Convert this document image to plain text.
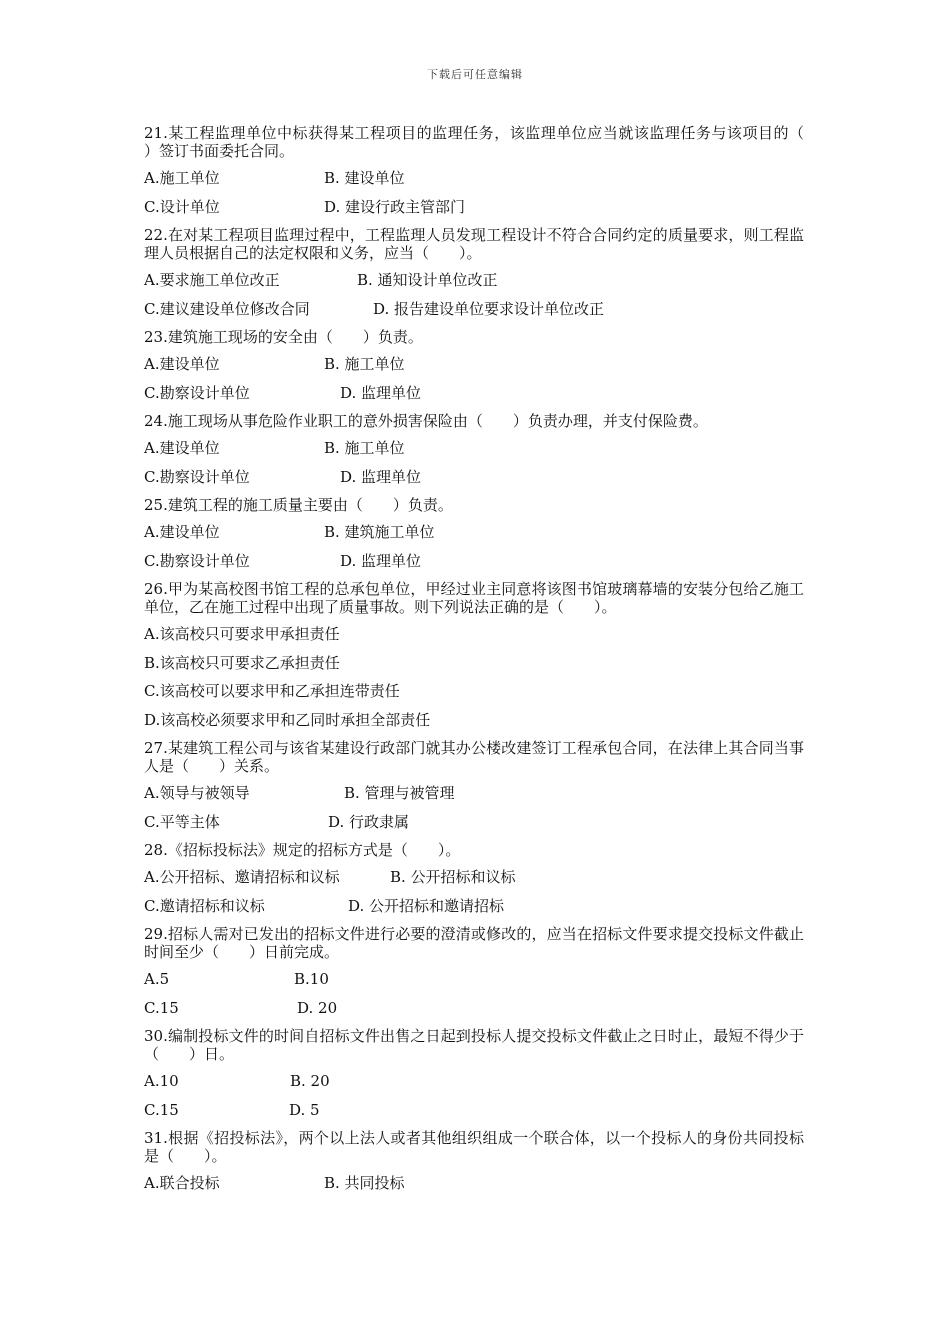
下载后可任意编辑

21.某工程监理单位中标获得某工程项目的监理任务，该监理单位应当就该监理任务与该项目的（　　）签订书面委托合同。

A.施工单位	B. 建设单位
C.设计单位	D. 建设行政主管部门

22.在对某工程项目监理过程中，工程监理人员发现工程设计不符合合同约定的质量要求，则工程监理人员根据自己的法定权限和义务，应当（　　）。

A.要求施工单位改正	B. 通知设计单位改正
C.建议建设单位修改合同	D. 报告建设单位要求设计单位改正

23.建筑施工现场的安全由（　　）负责。

A.建设单位	B. 施工单位
C.勘察设计单位	D. 监理单位

24.施工现场从事危险作业职工的意外损害保险由（　　）负责办理，并支付保险费。

A.建设单位	B. 施工单位
C.勘察设计单位	D. 监理单位

25.建筑工程的施工质量主要由（　　）负责。

A.建设单位	B. 建筑施工单位
C.勘察设计单位	D. 监理单位

26.甲为某高校图书馆工程的总承包单位，甲经过业主同意将该图书馆玻璃幕墙的安装分包给乙施工单位，乙在施工过程中出现了质量事故。则下列说法正确的是（　　）。

A.该高校只可要求甲承担责任
B.该高校只可要求乙承担责任
C.该高校可以要求甲和乙承担连带责任
D.该高校必须要求甲和乙同时承担全部责任

27.某建筑工程公司与该省某建设行政部门就其办公楼改建签订工程承包合同，在法律上其合同当事人是（　　）关系。

A.领导与被领导	B. 管理与被管理
C.平等主体	D. 行政隶属

28.《招标投标法》规定的招标方式是（　　）。

A.公开招标、邀请招标和议标	B. 公开招标和议标
C.邀请招标和议标	D. 公开招标和邀请招标

29.招标人需对已发出的招标文件进行必要的澄清或修改的，应当在招标文件要求提交投标文件截止时间至少（　　）日前完成。

A.5	B.10
C.15	D. 20

30.编制投标文件的时间自招标文件出售之日起到投标人提交投标文件截止之日时止，最短不得少于（　　）日。

A.10	B. 20
C.15	D. 5

31.根据《招投标法》，两个以上法人或者其他组织组成一个联合体，以一个投标人的身份共同投标是（　　）。

A.联合投标	B. 共同投标
